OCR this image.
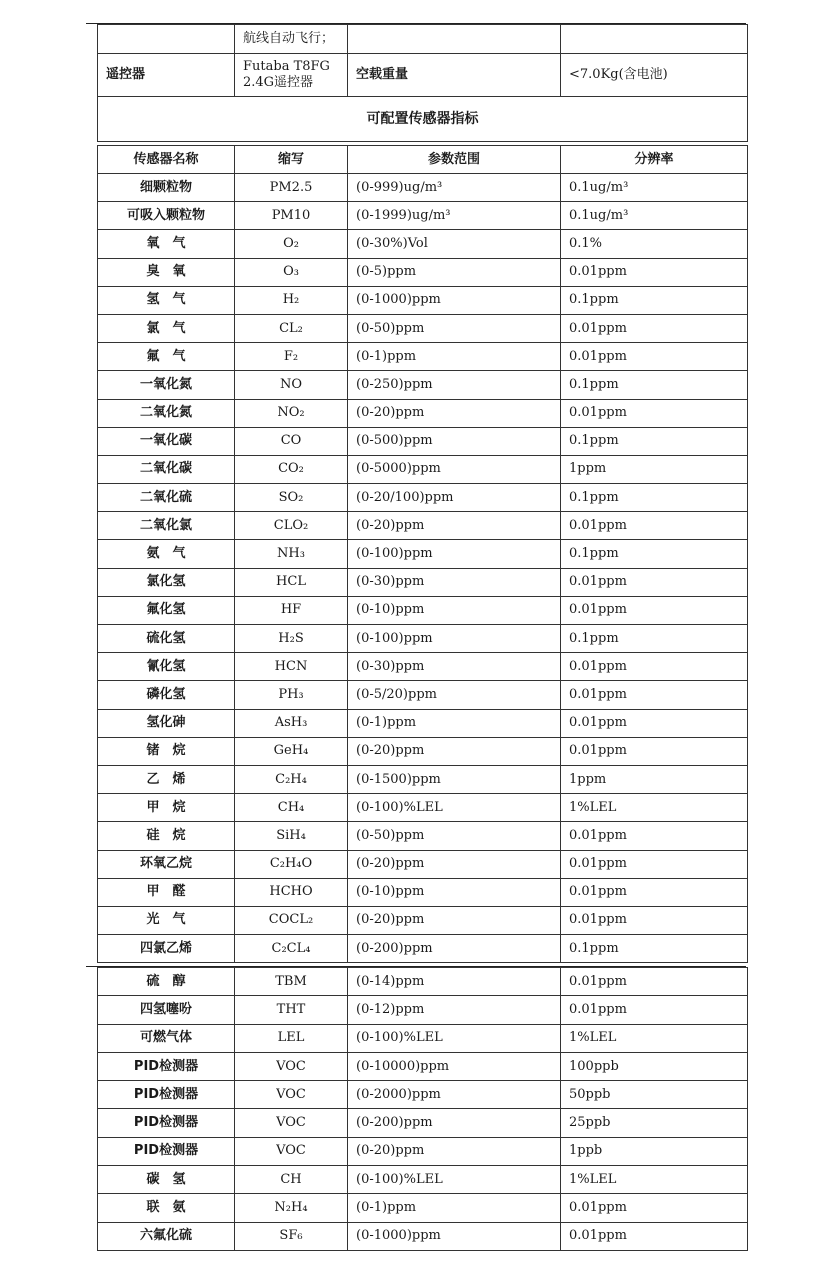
	航线自动飞行；		
遥控器	Futaba T8FG 2.4G遥控器	空载重量	<7.0Kg(含电池)
可配置传感器指标			
传感器名称	缩写	参数范围	分辨率
细颗粒物	PM2.5	(0-999)ug/m³	0.1ug/m³
可吸入颗粒物	PM10	(0-1999)ug/m³	0.1ug/m³
氧　气	O₂	(0-30%)Vol	0.1%
臭　氧	O₃	(0-5)ppm	0.01ppm
氢　气	H₂	(0-1000)ppm	0.1ppm
氯　气	CL₂	(0-50)ppm	0.01ppm
氟　气	F₂	(0-1)ppm	0.01ppm
一氧化氮	NO	(0-250)ppm	0.1ppm
二氧化氮	NO₂	(0-20)ppm	0.01ppm
一氧化碳	CO	(0-500)ppm	0.1ppm
二氧化碳	CO₂	(0-5000)ppm	1ppm
二氧化硫	SO₂	(0-20/100)ppm	0.1ppm
二氧化氯	CLO₂	(0-20)ppm	0.01ppm
氨　气	NH₃	(0-100)ppm	0.1ppm
氯化氢	HCL	(0-30)ppm	0.01ppm
氟化氢	HF	(0-10)ppm	0.01ppm
硫化氢	H₂S	(0-100)ppm	0.1ppm
氰化氢	HCN	(0-30)ppm	0.01ppm
磷化氢	PH₃	(0-5/20)ppm	0.01ppm
氢化砷	AsH₃	(0-1)ppm	0.01ppm
锗　烷	GeH₄	(0-20)ppm	0.01ppm
乙　烯	C₂H₄	(0-1500)ppm	1ppm
甲　烷	CH₄	(0-100)%LEL	1%LEL
硅　烷	SiH₄	(0-50)ppm	0.01ppm
环氧乙烷	C₂H₄O	(0-20)ppm	0.01ppm
甲　醛	HCHO	(0-10)ppm	0.01ppm
光　气	COCL₂	(0-20)ppm	0.01ppm
四氯乙烯	C₂CL₄	(0-200)ppm	0.1ppm
硫　醇	TBM	(0-14)ppm	0.01ppm
四氢噻吩	THT	(0-12)ppm	0.01ppm
可燃气体	LEL	(0-100)%LEL	1%LEL
PID检测器	VOC	(0-10000)ppm	100ppb
PID检测器	VOC	(0-2000)ppm	50ppb
PID检测器	VOC	(0-200)ppm	25ppb
PID检测器	VOC	(0-20)ppm	1ppb
碳　氢	CH	(0-100)%LEL	1%LEL
联　氨	N₂H₄	(0-1)ppm	0.01ppm
六氟化硫	SF₆	(0-1000)ppm	0.01ppm
